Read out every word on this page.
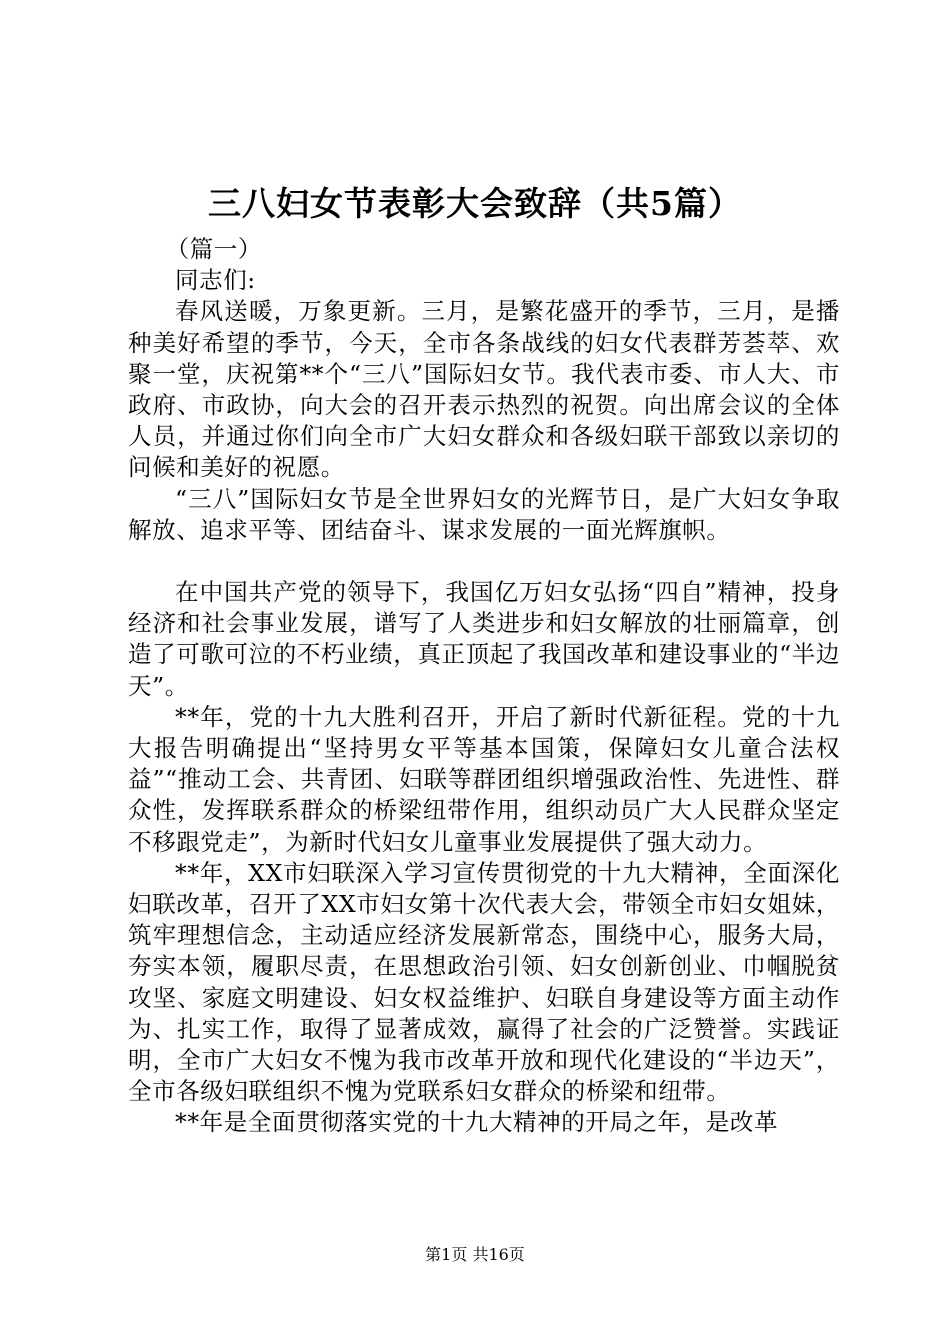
三八妇女节表彰大会致辞（共5篇）

（篇一）

同志们:

春风送暖，万象更新。三月，是繁花盛开的季节，三月，是播种美好希望的季节，今天，全市各条战线的妇女代表群芳荟萃、欢聚一堂，庆祝第**个“三八”国际妇女节。我代表市委、市人大、市政府、市政协，向大会的召开表示热烈的祝贺。向出席会议的全体人员，并通过你们向全市广大妇女群众和各级妇联干部致以亲切的问候和美好的祝愿。

“三八”国际妇女节是全世界妇女的光辉节日，是广大妇女争取解放、追求平等、团结奋斗、谋求发展的一面光辉旗帜。

在中国共产党的领导下，我国亿万妇女弘扬“四自”精神，投身经济和社会事业发展，谱写了人类进步和妇女解放的壮丽篇章，创造了可歌可泣的不朽业绩，真正顶起了我国改革和建设事业的“半边天”。

**年，党的十九大胜利召开，开启了新时代新征程。党的十九大报告明确提出“坚持男女平等基本国策，保障妇女儿童合法权益”“推动工会、共青团、妇联等群团组织增强政治性、先进性、群众性，发挥联系群众的桥梁纽带作用，组织动员广大人民群众坚定不移跟党走”，为新时代妇女儿童事业发展提供了强大动力。

**年，XX市妇联深入学习宣传贯彻党的十九大精神，全面深化妇联改革，召开了XX市妇女第十次代表大会，带领全市妇女姐妹，筑牢理想信念，主动适应经济发展新常态，围绕中心，服务大局，夯实本领，履职尽责，在思想政治引领、妇女创新创业、巾帼脱贫攻坚、家庭文明建设、妇女权益维护、妇联自身建设等方面主动作为、扎实工作，取得了显著成效，赢得了社会的广泛赞誉。实践证明，全市广大妇女不愧为我市改革开放和现代化建设的“半边天”，全市各级妇联组织不愧为党联系妇女群众的桥梁和纽带。

**年是全面贯彻落实党的十九大精神的开局之年，是改革

第1页 共16页
